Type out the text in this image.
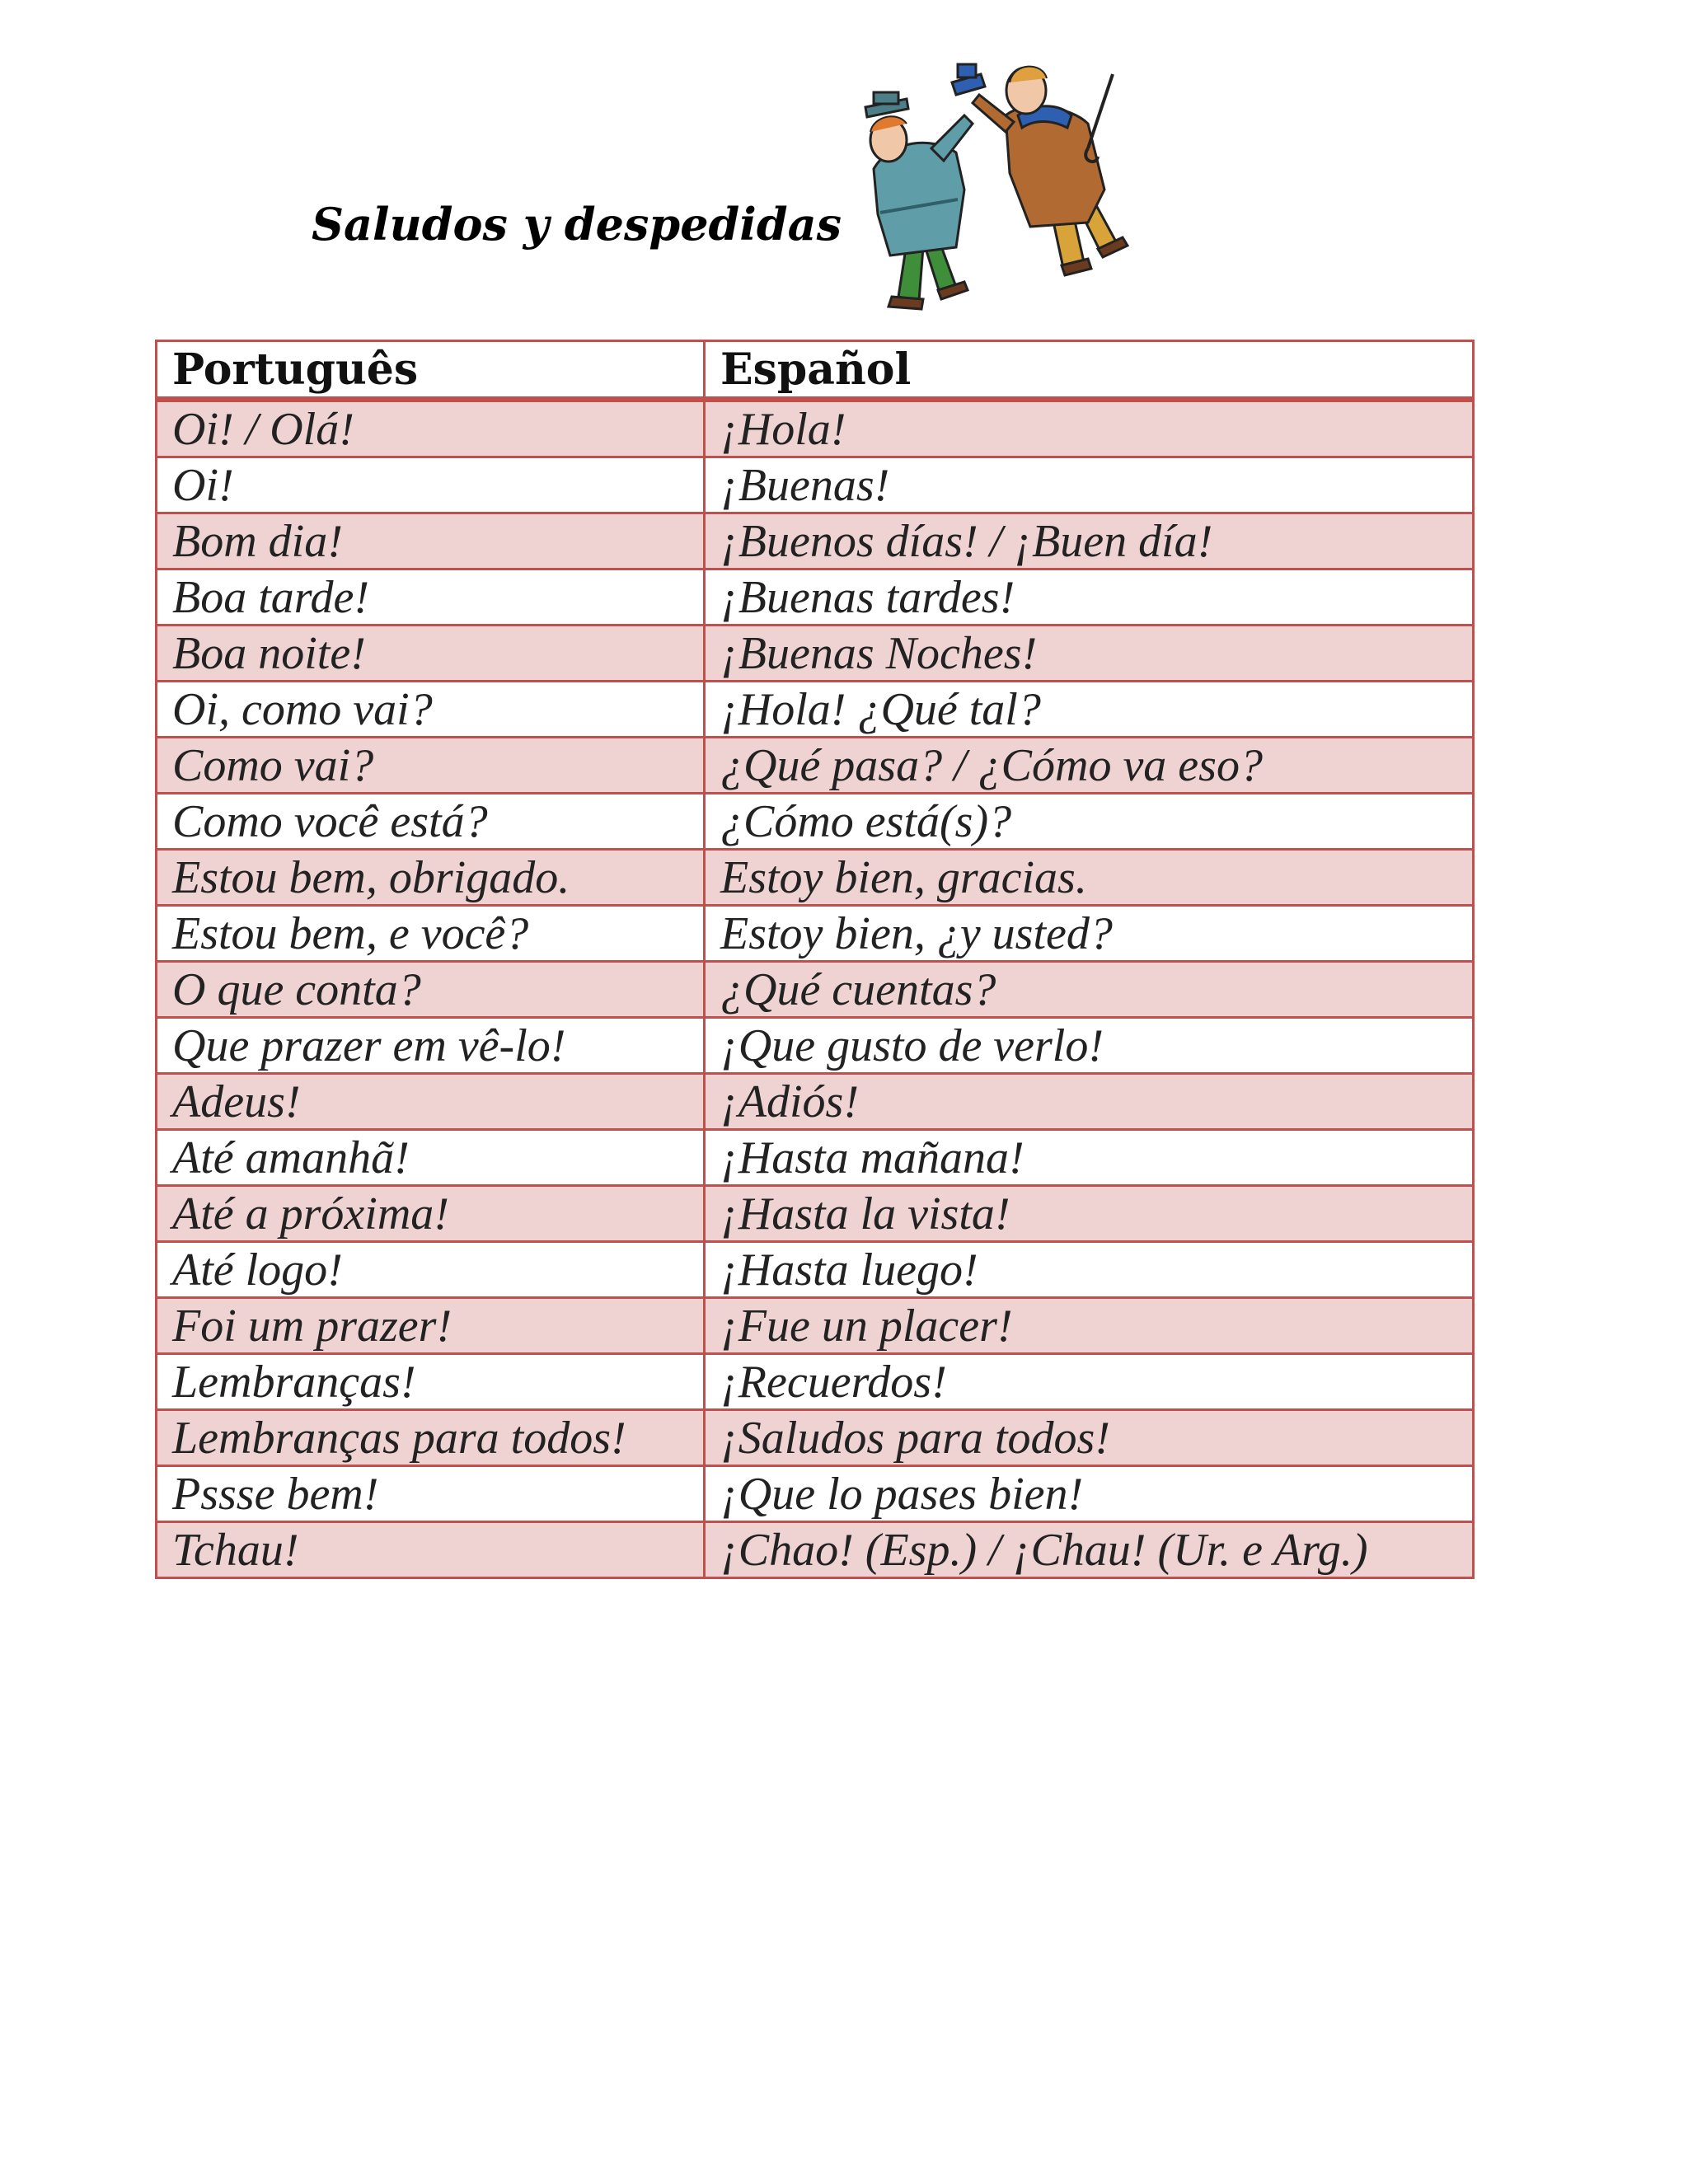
Saludos y despedidas
Português	Español
Oi! / Olá!	¡Hola!
Oi!	¡Buenas!
Bom dia!	¡Buenos días! / ¡Buen día!
Boa tarde!	¡Buenas tardes!
Boa noite!	¡Buenas Noches!
Oi, como vai?	¡Hola! ¿Qué tal?
Como vai?	¿Qué pasa? / ¿Cómo va eso?
Como você está?	¿Cómo está(s)?
Estou bem, obrigado.	Estoy bien, gracias.
Estou bem, e você?	Estoy bien, ¿y usted?
O que conta?	¿Qué cuentas?
Que prazer em vê-lo!	¡Que gusto de verlo!
Adeus!	¡Adiós!
Até amanhã!	¡Hasta mañana!
Até a próxima!	¡Hasta la vista!
Até logo!	¡Hasta luego!
Foi um prazer!	¡Fue un placer!
Lembranças!	¡Recuerdos!
Lembranças para todos!	¡Saludos para todos!
Pssse bem!	¡Que lo pases bien!
Tchau!	¡Chao! (Esp.) / ¡Chau! (Ur. e Arg.)
